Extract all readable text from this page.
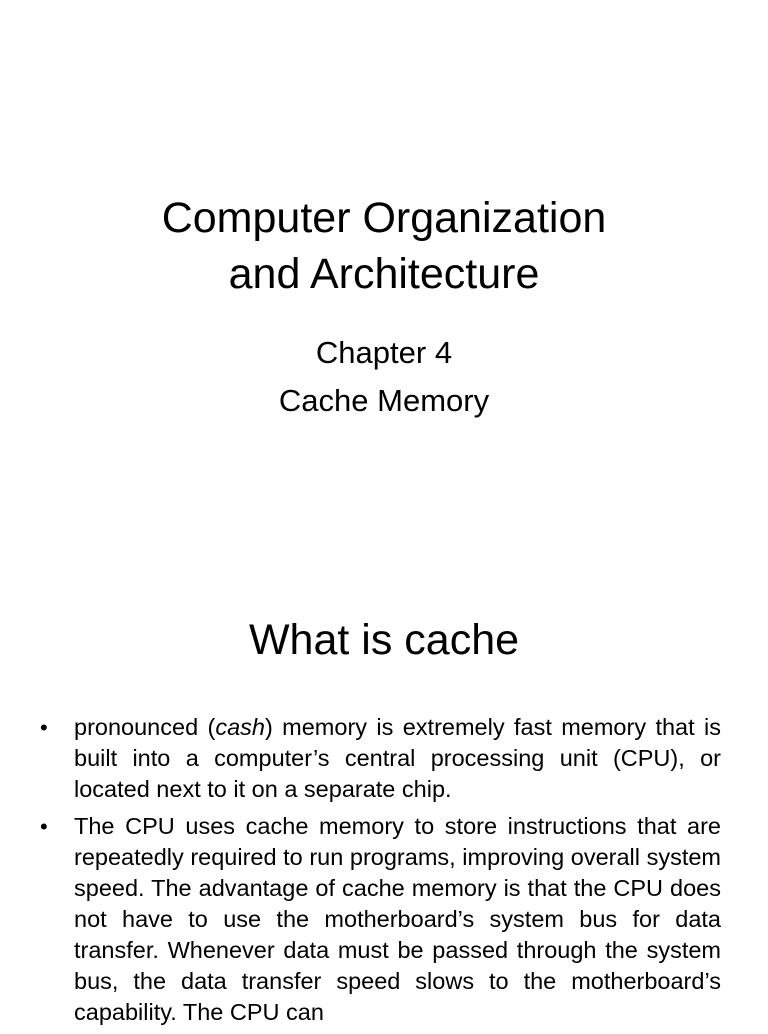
Computer Organization
and Architecture

Chapter 4

Cache Memory

What is cache
• pronounced (cash) memory is extremely fast memory that is built into a computer’s central processing unit (CPU), or located next to it on a separate chip.
• The CPU uses cache memory to store instructions that are repeatedly required to run programs, improving overall system speed. The advantage of cache memory is that the CPU does not have to use the motherboard’s system bus for data transfer. Whenever data must be passed through the system bus, the data transfer speed slows to the motherboard’s capability. The CPU can
